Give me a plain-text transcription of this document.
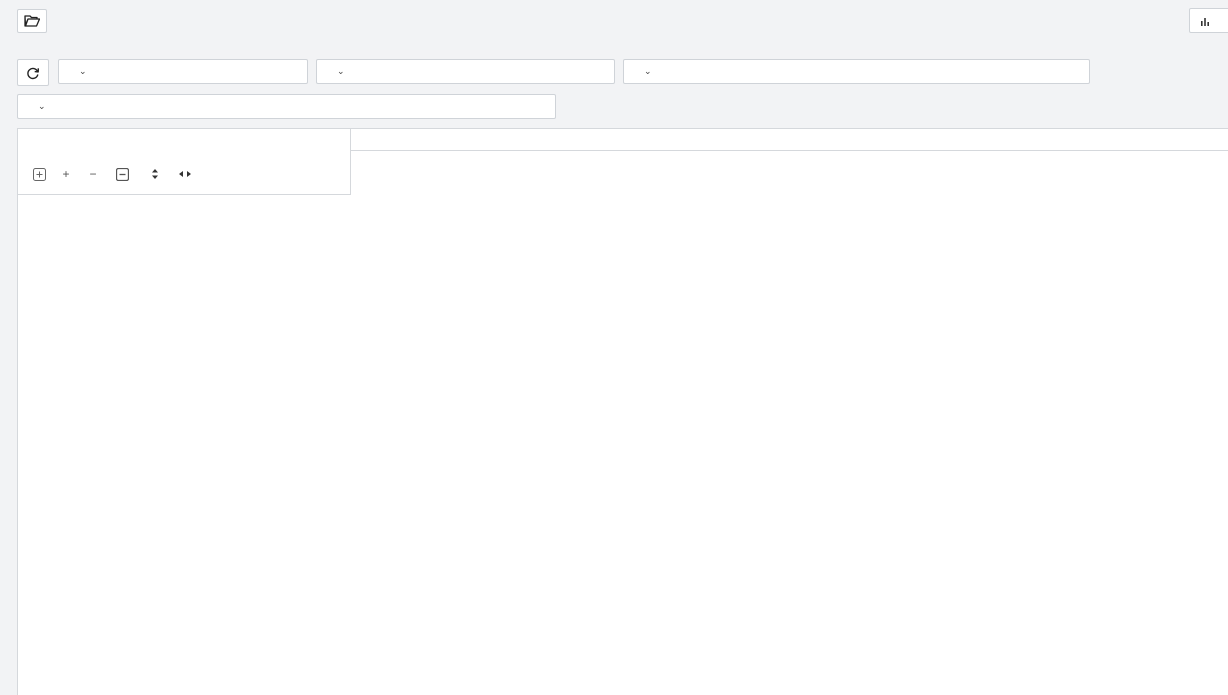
⌄	⌄	⌄
⌄
+ −
